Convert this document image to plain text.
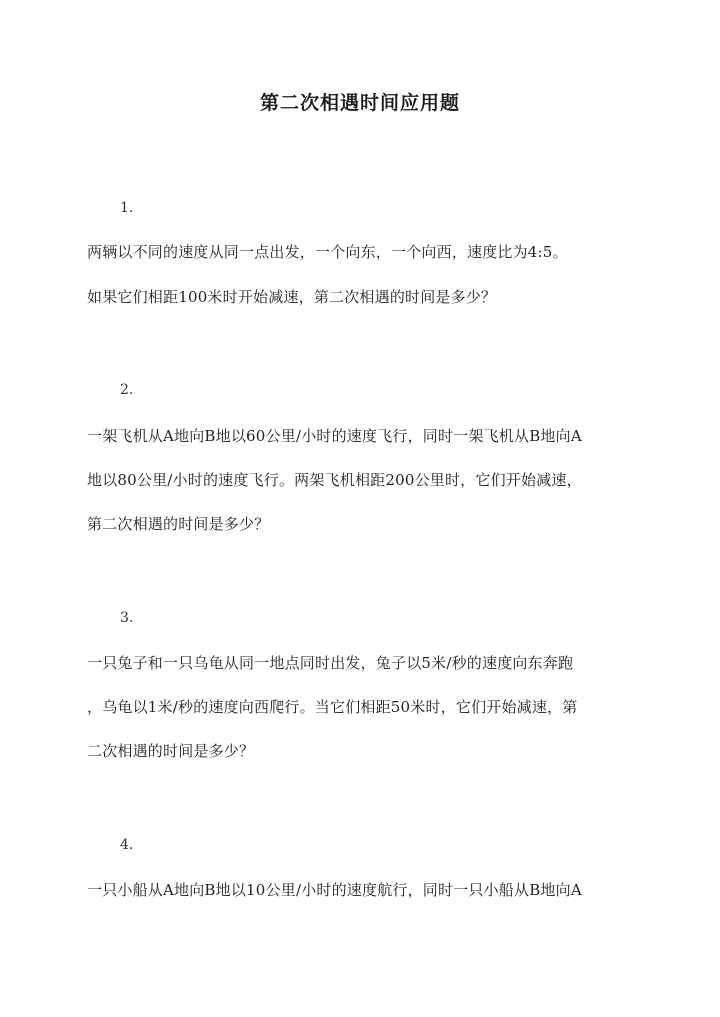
第二次相遇时间应用题
1.
两辆以不同的速度从同一点出发，一个向东，一个向西，速度比为4:5。
如果它们相距100米时开始减速，第二次相遇的时间是多少？
2.
一架飞机从A地向B地以60公里/小时的速度飞行，同时一架飞机从B地向A
地以80公里/小时的速度飞行。两架飞机相距200公里时，它们开始减速，
第二次相遇的时间是多少？
3.
一只兔子和一只乌龟从同一地点同时出发，兔子以5米/秒的速度向东奔跑
，乌龟以1米/秒的速度向西爬行。当它们相距50米时，它们开始减速，第
二次相遇的时间是多少？
4.
一只小船从A地向B地以10公里/小时的速度航行，同时一只小船从B地向A
